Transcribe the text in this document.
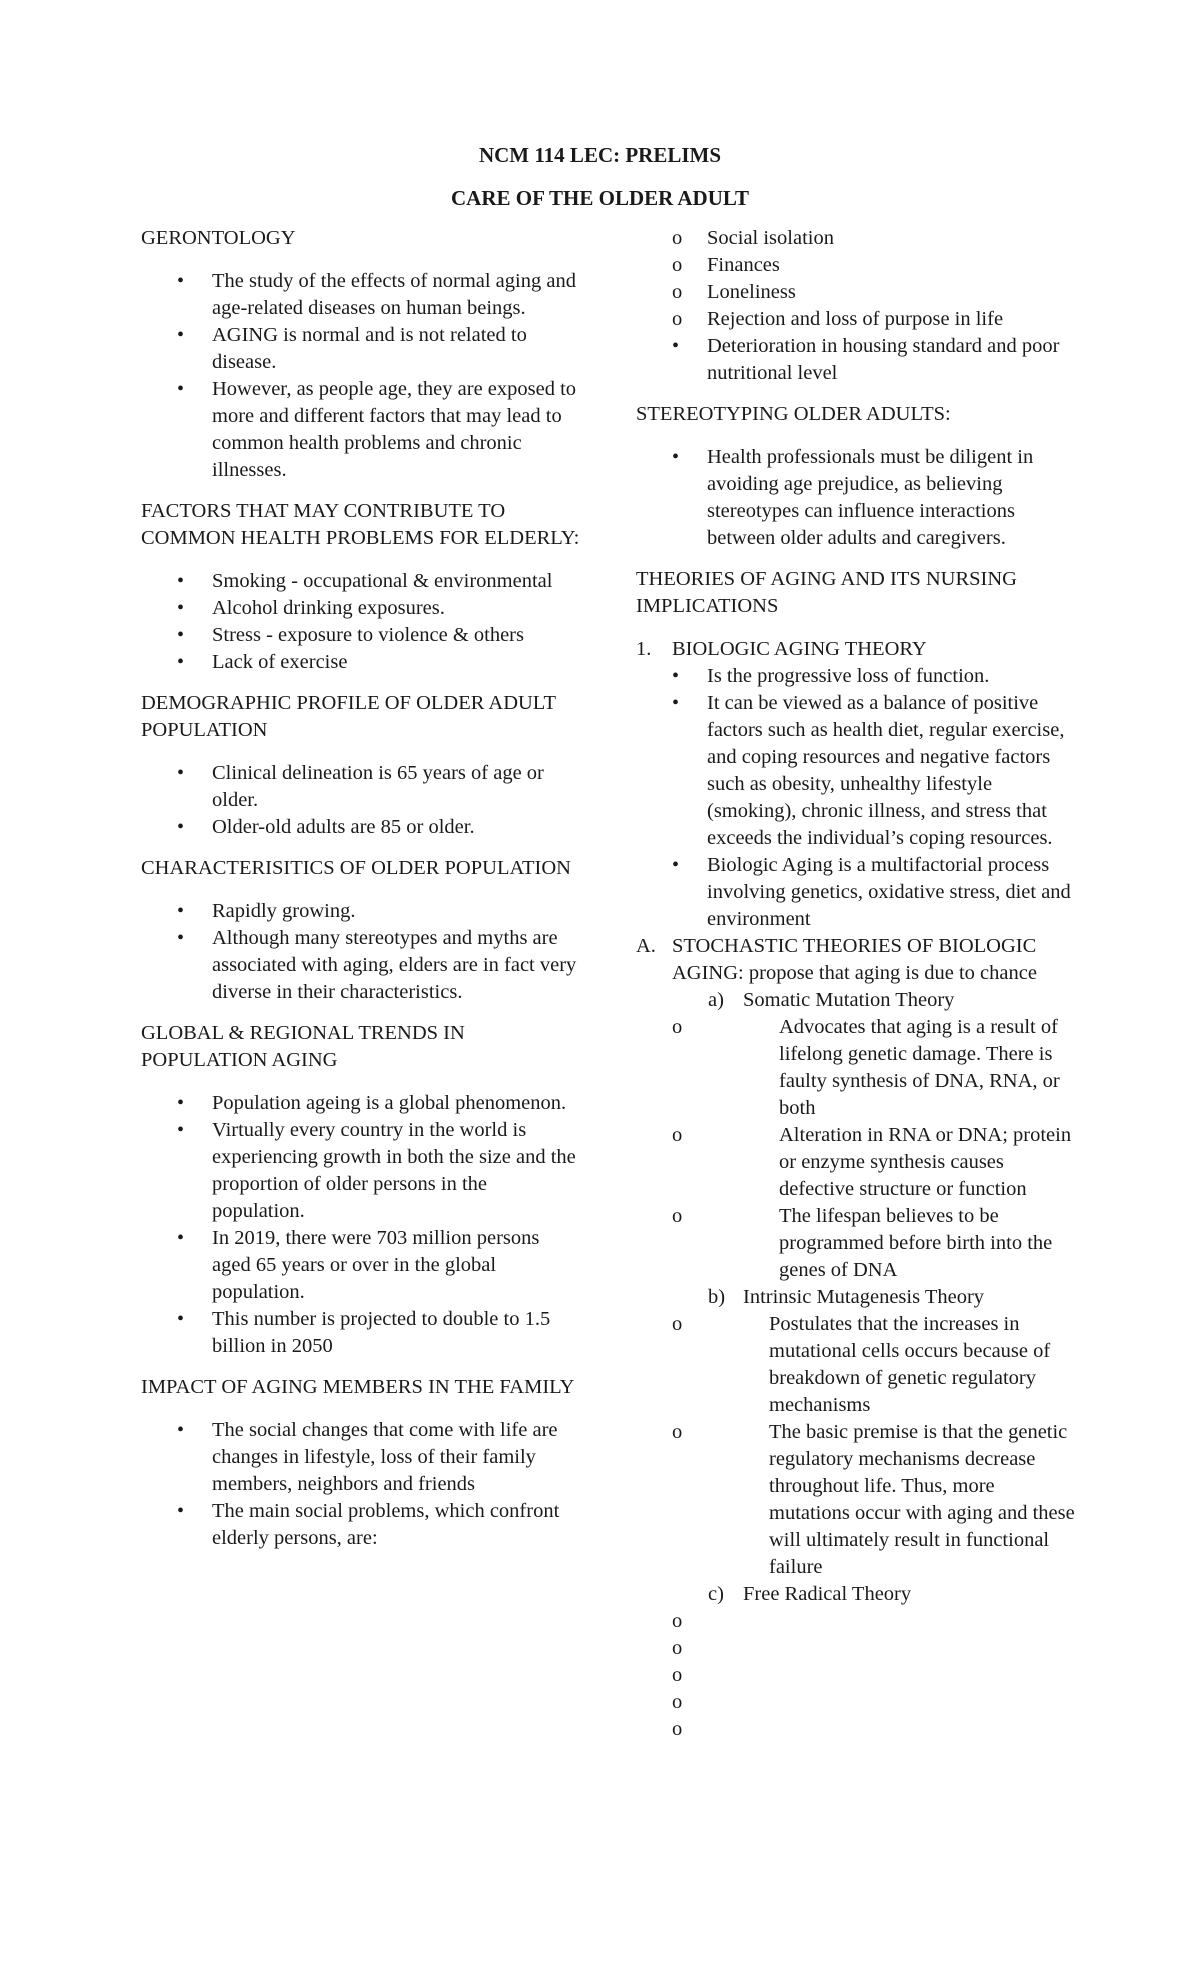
NCM 114 LEC: PRELIMS
CARE OF THE OLDER ADULT
GERONTOLOGY
• The study of the effects of normal aging and age-related diseases on human beings.
• AGING is normal and is not related to disease.
• However, as people age, they are exposed to more and different factors that may lead to common health problems and chronic illnesses.
FACTORS THAT MAY CONTRIBUTE TO COMMON HEALTH PROBLEMS FOR ELDERLY:
• Smoking - occupational & environmental
• Alcohol drinking exposures.
• Stress - exposure to violence & others
• Lack of exercise
DEMOGRAPHIC PROFILE OF OLDER ADULT POPULATION
• Clinical delineation is 65 years of age or older.
• Older-old adults are 85 or older.
CHARACTERISITICS OF OLDER POPULATION
• Rapidly growing.
• Although many stereotypes and myths are associated with aging, elders are in fact very diverse in their characteristics.
GLOBAL & REGIONAL TRENDS IN POPULATION AGING
• Population ageing is a global phenomenon.
• Virtually every country in the world is experiencing growth in both the size and the proportion of older persons in the population.
• In 2019, there were 703 million persons aged 65 years or over in the global population.
• This number is projected to double to 1.5 billion in 2050
IMPACT OF AGING MEMBERS IN THE FAMILY
• The social changes that come with life are changes in lifestyle, loss of their family members, neighbors and friends
• The main social problems, which confront elderly persons, are:
o Social isolation
o Finances
o Loneliness
o Rejection and loss of purpose in life
• Deterioration in housing standard and poor nutritional level
STEREOTYPING OLDER ADULTS:
• Health professionals must be diligent in avoiding age prejudice, as believing stereotypes can influence interactions between older adults and caregivers.
THEORIES OF AGING AND ITS NURSING IMPLICATIONS
1. BIOLOGIC AGING THEORY
• Is the progressive loss of function.
• It can be viewed as a balance of positive factors such as health diet, regular exercise, and coping resources and negative factors such as obesity, unhealthy lifestyle (smoking), chronic illness, and stress that exceeds the individual’s coping resources.
• Biologic Aging is a multifactorial process involving genetics, oxidative stress, diet and environment
A. STOCHASTIC THEORIES OF BIOLOGIC AGING: propose that aging is due to chance
a) Somatic Mutation Theory
o Advocates that aging is a result of lifelong genetic damage. There is faulty synthesis of DNA, RNA, or both
o Alteration in RNA or DNA; protein or enzyme synthesis causes defective structure or function
o The lifespan believes to be programmed before birth into the genes of DNA
b) Intrinsic Mutagenesis Theory
o Postulates that the increases in mutational cells occurs because of breakdown of genetic regulatory mechanisms
o The basic premise is that the genetic regulatory mechanisms decrease throughout life. Thus, more mutations occur with aging and these will ultimately result in functional failure
c) Free Radical Theory
o
o
o
o
o
